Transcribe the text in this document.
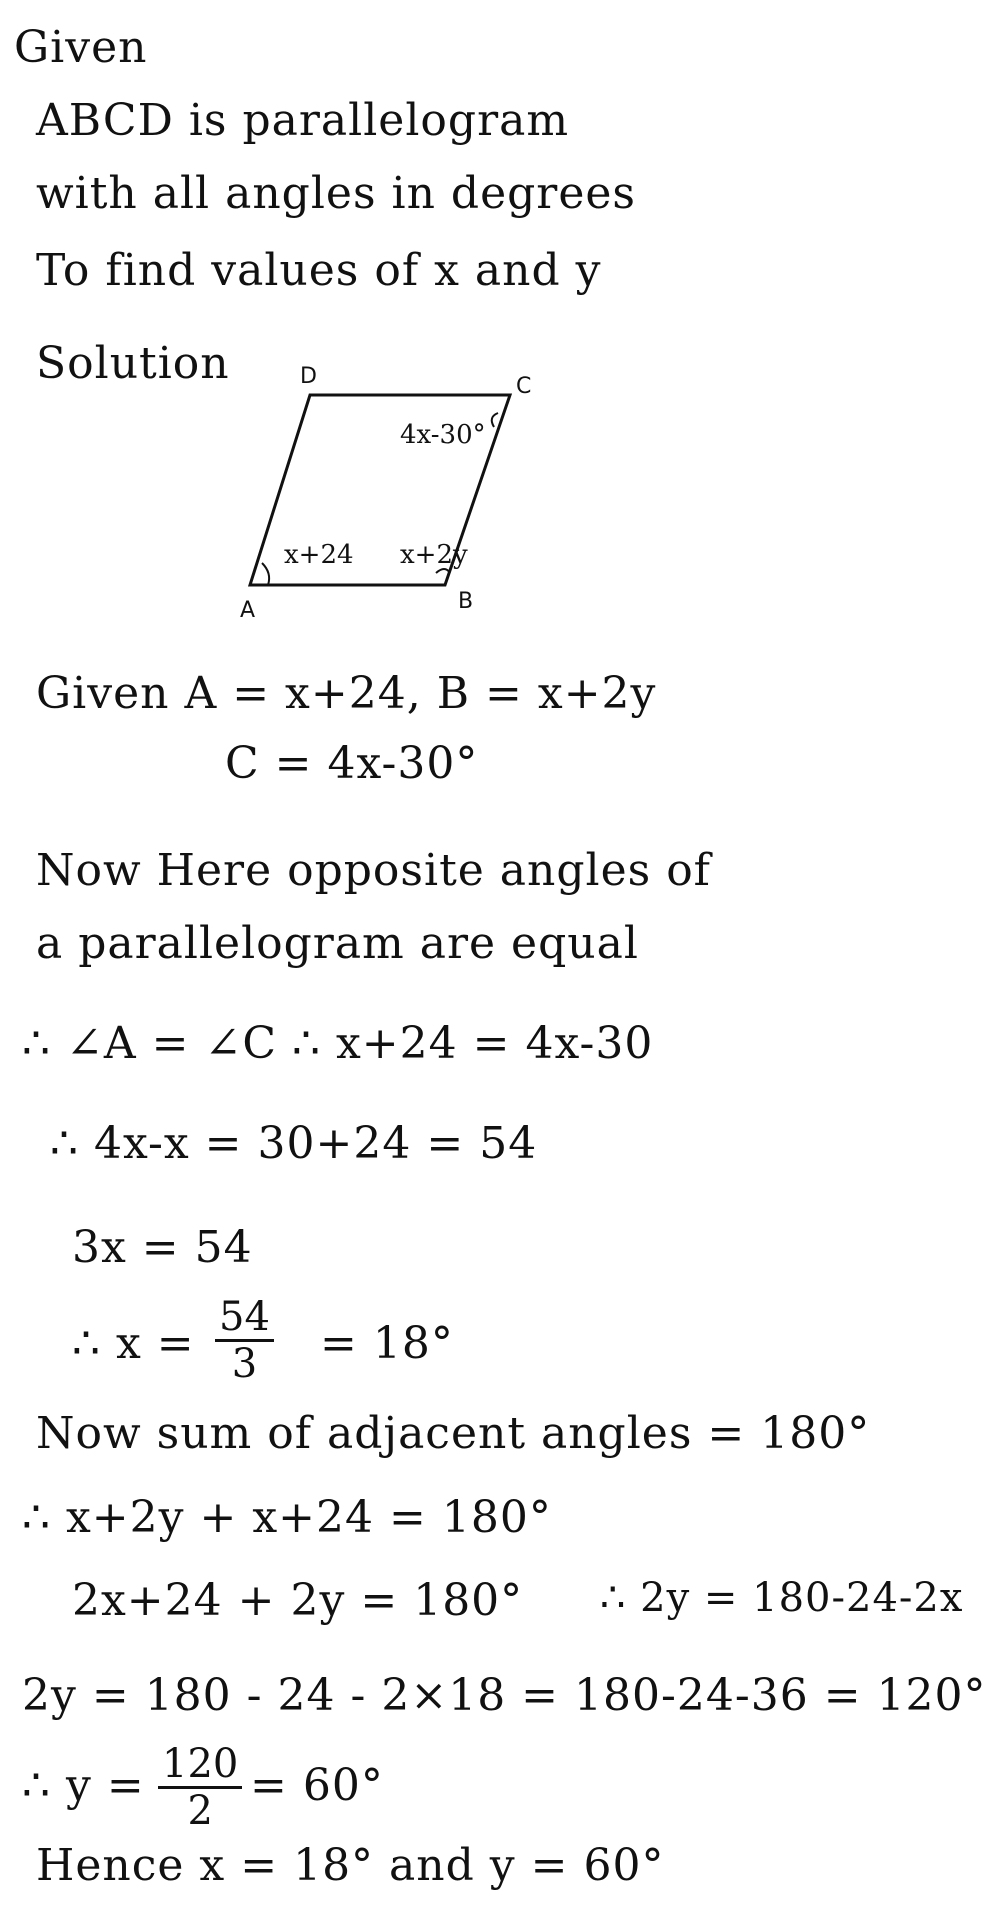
Given
ABCD is parallelogram
with all angles in degrees
To find values of x and y
Solution	D	C
A	B
4x-30°
x+24 x+2y
Given A = x+24, B = x+2y
C = 4x-30°
Now Here opposite angles of
a parallelogram are equal
∴ ∠A = ∠C ∴ x+24 = 4x-30
∴ 4x-x = 30+24 = 54
3x = 54
∴ $x = \frac{54}{3} = 18^\circ$
Now sum of adjacent angles = 180°
∴ x+2y + x+24 = 180°
2x+24 + 2y = 180° ∴ 2y = 180-24-2x
2y = 180 - 24 - 2×18 = 180-24-36 = 120°
∴ $y = \frac{120}{2} = 60^\circ$
Hence x = 18° and y = 60°
